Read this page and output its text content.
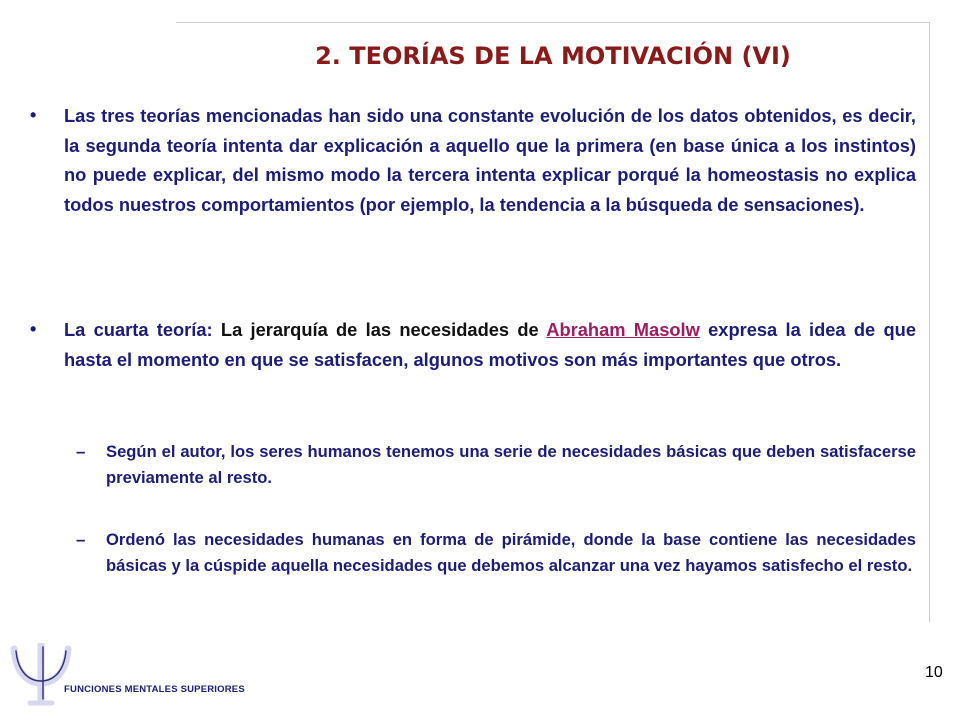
2. TEORÍAS DE LA MOTIVACIÓN (VI)
• Las tres teorías mencionadas han sido una constante evolución de los datos obtenidos, es decir, la segunda teoría intenta dar explicación a aquello que la primera (en base única a los instintos) no puede explicar, del mismo modo la tercera intenta explicar porqué la homeostasis no explica todos nuestros comportamientos (por ejemplo, la tendencia a la búsqueda de sensaciones).
• La cuarta teoría: La jerarquía de las necesidades de Abraham Masolw expresa la idea de que hasta el momento en que se satisfacen, algunos motivos son más importantes que otros.
– Según el autor, los seres humanos tenemos una serie de necesidades básicas que deben satisfacerse previamente al resto.
– Ordenó las necesidades humanas en forma de pirámide, donde la base contiene las necesidades básicas y la cúspide aquella necesidades que debemos alcanzar una vez hayamos satisfecho el resto.
FUNCIONES MENTALES SUPERIORES
10
